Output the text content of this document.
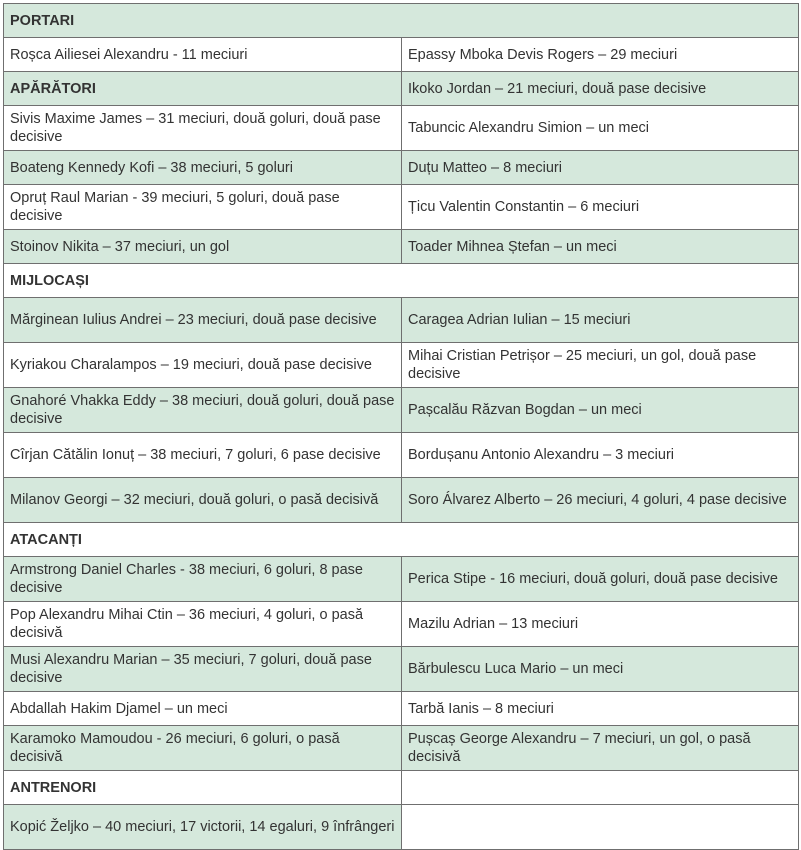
PORTARI	
Roșca Ailiesei Alexandru - 11 meciuri	Epassy Mboka Devis Rogers – 29 meciuri
APĂRĂTORI	Ikoko Jordan – 21 meciuri, două pase decisive
Sivis Maxime James – 31 meciuri, două goluri, două pase decisive	Tabuncic Alexandru Simion – un meci
Boateng Kennedy Kofi – 38 meciuri, 5 goluri	Duțu Matteo – 8 meciuri
Opruț Raul Marian - 39 meciuri, 5 goluri, două pase decisive	Țicu Valentin Constantin – 6 meciuri
Stoinov Nikita – 37 meciuri, un gol	Toader Mihnea Ștefan – un meci
MIJLOCAȘI	
Mărginean Iulius Andrei – 23 meciuri, două pase decisive	Caragea Adrian Iulian – 15 meciuri
Kyriakou Charalampos – 19 meciuri, două pase decisive	Mihai Cristian Petrișor – 25 meciuri, un gol, două pase decisive
Gnahoré Vhakka Eddy – 38 meciuri, două goluri, două pase decisive	Pașcalău Răzvan Bogdan – un meci
Cîrjan Cătălin Ionuț – 38 meciuri, 7 goluri, 6 pase decisive	Bordușanu Antonio Alexandru – 3 meciuri
Milanov Georgi – 32 meciuri, două goluri, o pasă decisivă	Soro Álvarez Alberto – 26 meciuri, 4 goluri, 4 pase decisive
ATACANȚI	
Armstrong Daniel Charles - 38 meciuri, 6 goluri, 8 pase decisive	Perica Stipe - 16 meciuri, două goluri, două pase decisive
Pop Alexandru Mihai Ctin – 36 meciuri, 4 goluri, o pasă decisivă	Mazilu Adrian – 13 meciuri
Musi Alexandru Marian – 35 meciuri, 7 goluri, două pase decisive	Bărbulescu Luca Mario – un meci
Abdallah Hakim Djamel – un meci	Tarbă Ianis – 8 meciuri
Karamoko Mamoudou - 26 meciuri, 6 goluri, o pasă decisivă	Pușcaș George Alexandru – 7 meciuri, un gol, o pasă decisivă
ANTRENORI	
Kopić Željko – 40 meciuri, 17 victorii, 14 egaluri, 9 înfrângeri	
